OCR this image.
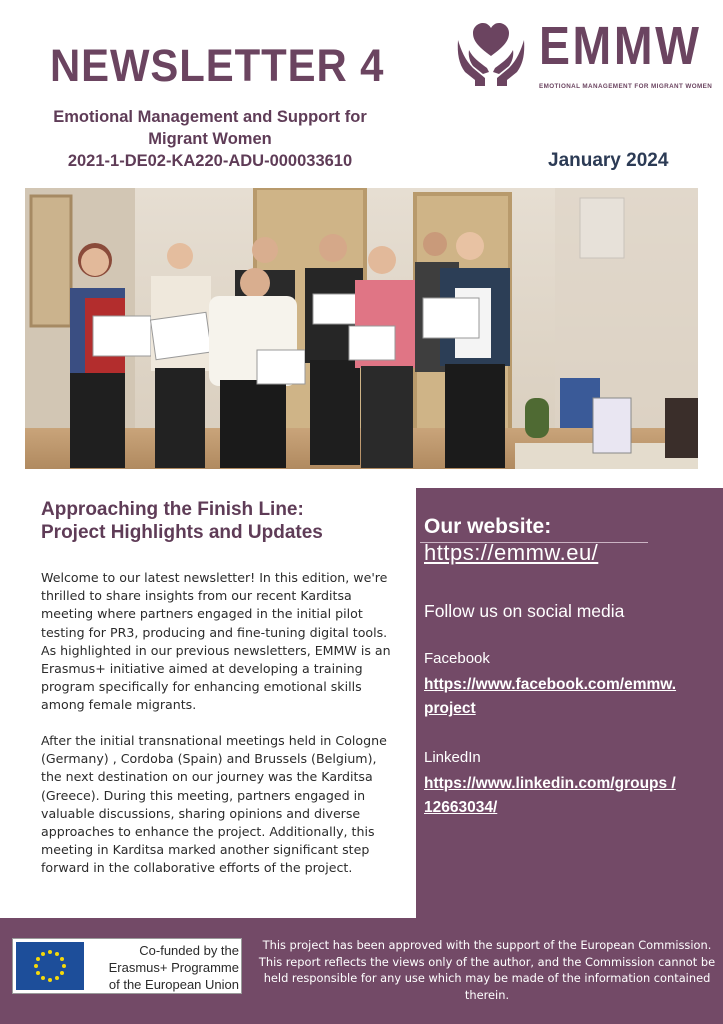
NEWSLETTER 4
Emotional Management and Support for
Migrant Women
2021-1-DE02-KA220-ADU-000033610	January 2024
EMMW
EMOTIONAL MANAGEMENT FOR MIGRANT WOMEN
Approaching the Finish Line:
Project Highlights and Updates

Welcome to our latest newsletter! In this edition, we're thrilled to share insights from our recent Karditsa meeting where partners engaged in the initial pilot testing for PR3, producing and fine-tuning digital tools. As highlighted in our previous newsletters, EMMW is an Erasmus+ initiative aimed at developing a training program specifically for enhancing emotional skills among female migrants.

After the initial transnational meetings held in Cologne (Germany) , Cordoba (Spain) and Brussels (Belgium), the next destination on our journey was the Karditsa (Greece). During this meeting, partners engaged in valuable discussions, sharing opinions and diverse approaches to enhance the project. Additionally, this meeting in Karditsa marked another significant step forward in the collaborative efforts of the project.

Our website:
https://emmw.eu/
Follow us on social media
Facebook
https://www.facebook.com/emmw.project
LinkedIn
https://www.linkedin.com/groups /12663034/
Co-funded by the
Erasmus+ Programme
of the European Union

This project has been approved with the support of the European Commission. This report reflects the views only of the author, and the Commission cannot be held responsible for any use which may be made of the information contained therein.
